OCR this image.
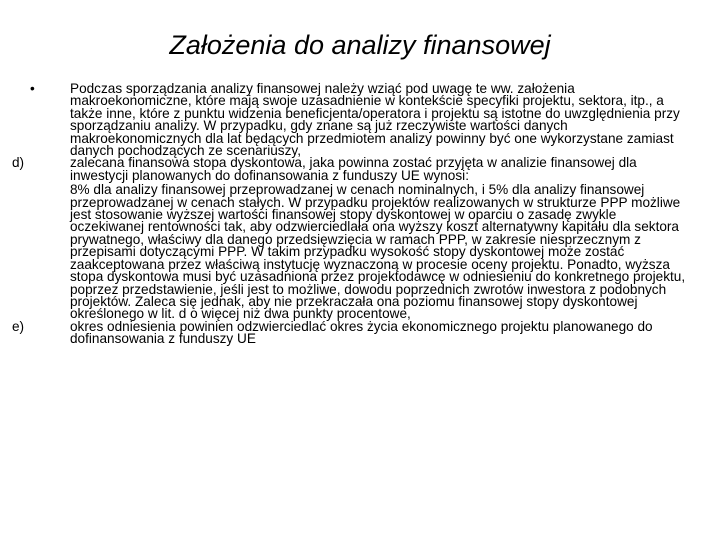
Założenia do analizy finansowej
•	Podczas sporządzania analizy finansowej należy wziąć pod uwagę te ww. założenia makroekonomiczne, które mają swoje uzasadnienie w kontekście specyfiki projektu, sektora, itp., a także inne, które z punktu widzenia beneficjenta/operatora i projektu są istotne do uwzględnienia przy sporządzaniu analizy. W przypadku, gdy znane są już rzeczywiste wartości danych makroekonomicznych dla lat będących przedmiotem analizy powinny być one wykorzystane zamiast danych pochodzących ze scenariuszy,
d)	zalecana finansowa stopa dyskontowa, jaka powinna zostać przyjęta w analizie finansowej dla inwestycji planowanych do dofinansowania z funduszy UE wynosi:
8% dla analizy finansowej przeprowadzanej w cenach nominalnych, i 5% dla analizy finansowej przeprowadzanej w cenach stałych. W przypadku projektów realizowanych w strukturze PPP możliwe jest stosowanie wyższej wartości finansowej stopy dyskontowej w oparciu o zasadę zwykle oczekiwanej rentowności tak, aby odzwierciedlała ona wyższy koszt alternatywny kapitału dla sektora prywatnego, właściwy dla danego przedsięwzięcia w ramach PPP, w zakresie niesprzecznym z przepisami dotyczącymi PPP. W takim przypadku wysokość stopy dyskontowej może zostać zaakceptowana przez właściwą instytucję wyznaczoną w procesie oceny projektu. Ponadto, wyższa stopa dyskontowa musi być uzasadniona przez projektodawcę w odniesieniu do konkretnego projektu, poprzez przedstawienie, jeśli jest to możliwe, dowodu poprzednich zwrotów inwestora z podobnych projektów. Zaleca się jednak, aby nie przekraczała ona poziomu finansowej stopy dyskontowej określonego w lit. d o więcej niż dwa punkty procentowe,
e)	okres odniesienia powinien odzwierciedlać okres życia ekonomicznego projektu planowanego do dofinansowania z funduszy UE
